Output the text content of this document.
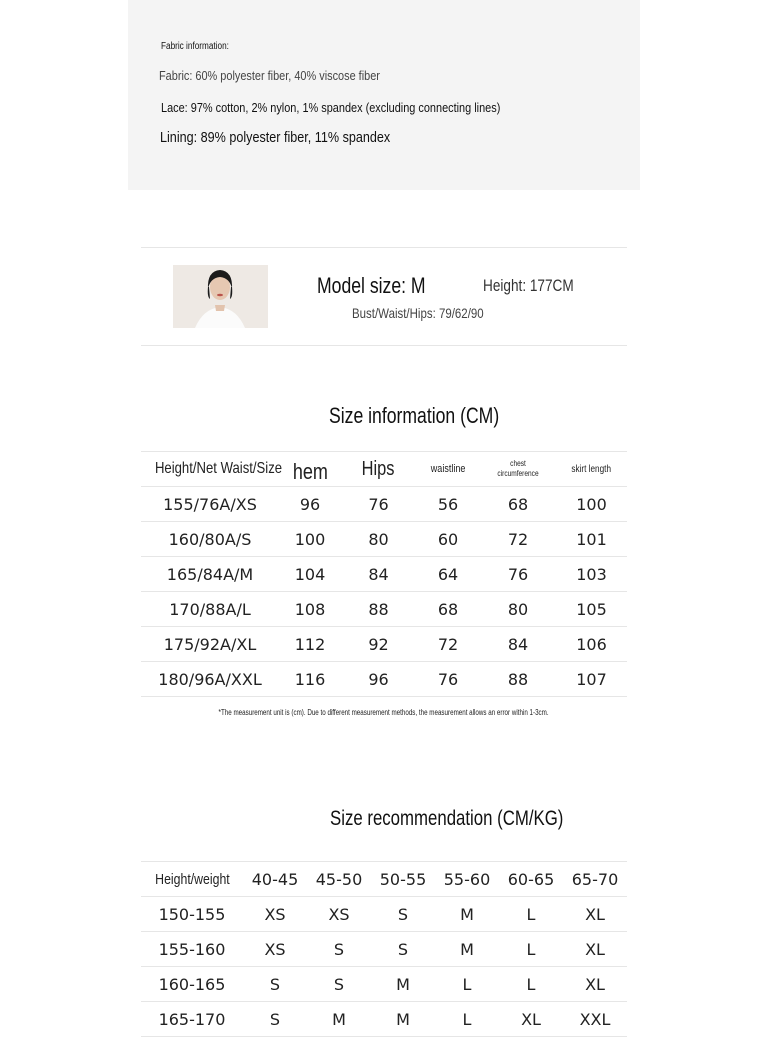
Fabric information:
Fabric: 60% polyester fiber, 40% viscose fiber
Lace: 97% cotton, 2% nylon, 1% spandex (excluding connecting lines)
Lining: 89% polyester fiber, 11% spandex
Model size: M	Height: 177CM
Bust/Waist/Hips: 79/62/90
Size information (CM)
Height/Net Waist/Size	hem	Hips	waistline	chest circumference	skirt length
155/76A/XS	96	76	56	68	100
160/80A/S	100	80	60	72	101
165/84A/M	104	84	64	76	103
170/88A/L	108	88	68	80	105
175/92A/XL	112	92	72	84	106
180/96A/XXL	116	96	76	88	107
*The measurement unit is (cm). Due to different measurement methods, the measurement allows an error within 1-3cm.
Size recommendation (CM/KG)
Height/weight	40-45	45-50	50-55	55-60	60-65	65-70
150-155	XS	XS	S	M	L	XL
155-160	XS	S	S	M	L	XL
160-165	S	S	M	L	L	XL
165-170	S	M	M	L	XL	XXL
